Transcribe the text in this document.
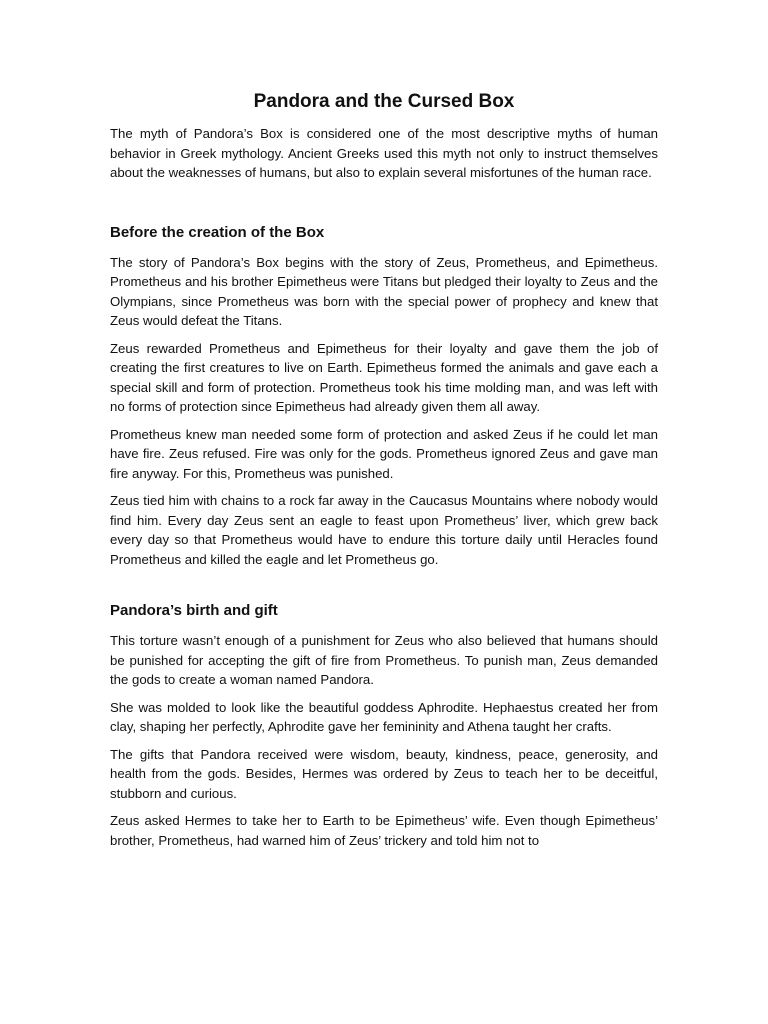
Pandora and the Cursed Box

The myth of Pandora’s Box is considered one of the most descriptive myths of human behavior in Greek mythology. Ancient Greeks used this myth not only to instruct themselves about the weaknesses of humans, but also to explain several misfortunes of the human race.

Before the creation of the Box

The story of Pandora’s Box begins with the story of Zeus, Prometheus, and Epimetheus. Prometheus and his brother Epimetheus were Titans but pledged their loyalty to Zeus and the Olympians, since Prometheus was born with the special power of prophecy and knew that Zeus would defeat the Titans.

Zeus rewarded Prometheus and Epimetheus for their loyalty and gave them the job of creating the first creatures to live on Earth. Epimetheus formed the animals and gave each a special skill and form of protection. Prometheus took his time molding man, and was left with no forms of protection since Epimetheus had already given them all away.

Prometheus knew man needed some form of protection and asked Zeus if he could let man have fire. Zeus refused. Fire was only for the gods. Prometheus ignored Zeus and gave man fire anyway. For this, Prometheus was punished.

Zeus tied him with chains to a rock far away in the Caucasus Mountains where nobody would find him. Every day Zeus sent an eagle to feast upon Prometheus’ liver, which grew back every day so that Prometheus would have to endure this torture daily until Heracles found Prometheus and killed the eagle and let Prometheus go.

Pandora’s birth and gift

This torture wasn’t enough of a punishment for Zeus who also believed that humans should be punished for accepting the gift of fire from Prometheus. To punish man, Zeus demanded the gods to create a woman named Pandora.

She was molded to look like the beautiful goddess Aphrodite. Hephaestus created her from clay, shaping her perfectly, Aphrodite gave her femininity and Athena taught her crafts.

The gifts that Pandora received were wisdom, beauty, kindness, peace, generosity, and health from the gods. Besides, Hermes was ordered by Zeus to teach her to be deceitful, stubborn and curious.

Zeus asked Hermes to take her to Earth to be Epimetheus’ wife. Even though Epimetheus’ brother, Prometheus, had warned him of Zeus’ trickery and told him not to
